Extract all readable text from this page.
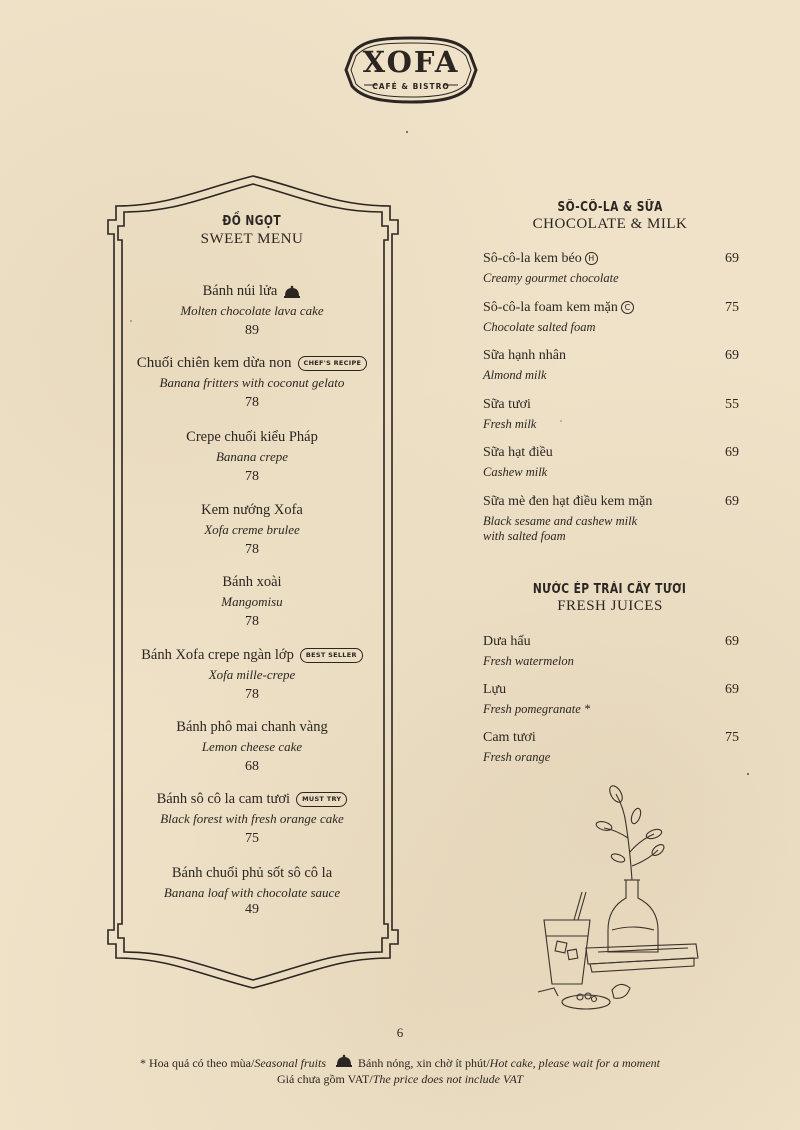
XOFA
CAFÉ & BISTRO
ĐỒ NGỌT
SWEET MENU
Bánh núi lửa
Molten chocolate lava cake
89
Chuối chiên kem dừa non	CHEF'S RECIPE
Banana fritters with coconut gelato
78
Crepe chuối kiểu Pháp
Banana crepe
78
Kem nướng Xofa
Xofa creme brulee
78
Bánh xoài
Mangomisu
78
Bánh Xofa crepe ngàn lớp	BEST SELLER
Xofa mille-crepe
78
Bánh phô mai chanh vàng
Lemon cheese cake
68
Bánh sô cô la cam tươi	MUST TRY
Black forest with fresh orange cake
75
Bánh chuối phủ sốt sô cô la
Banana loaf with chocolate sauce
49
SÔ-CÔ-LA & SỮA
CHOCOLATE & MILK
Sô-cô-la kem béo H	69
Creamy gourmet chocolate
Sô-cô-la foam kem mặn C	75
Chocolate salted foam
Sữa hạnh nhân	69
Almond milk
Sữa tươi	55
Fresh milk
Sữa hạt điều	69
Cashew milk
Sữa mè đen hạt điều kem mặn	69
Black sesame and cashew milk
with salted foam
NƯỚC ÉP TRÁI CÂY TƯƠI
FRESH JUICES
Dưa hấu	69
Fresh watermelon
Lựu	69
Fresh pomegranate *
Cam tươi	75
Fresh orange
6
* Hoa quả có theo mùa/Seasonal fruits	Bánh nóng, xin chờ ít phút/Hot cake, please wait for a moment
Giá chưa gồm VAT/The price does not include VAT
